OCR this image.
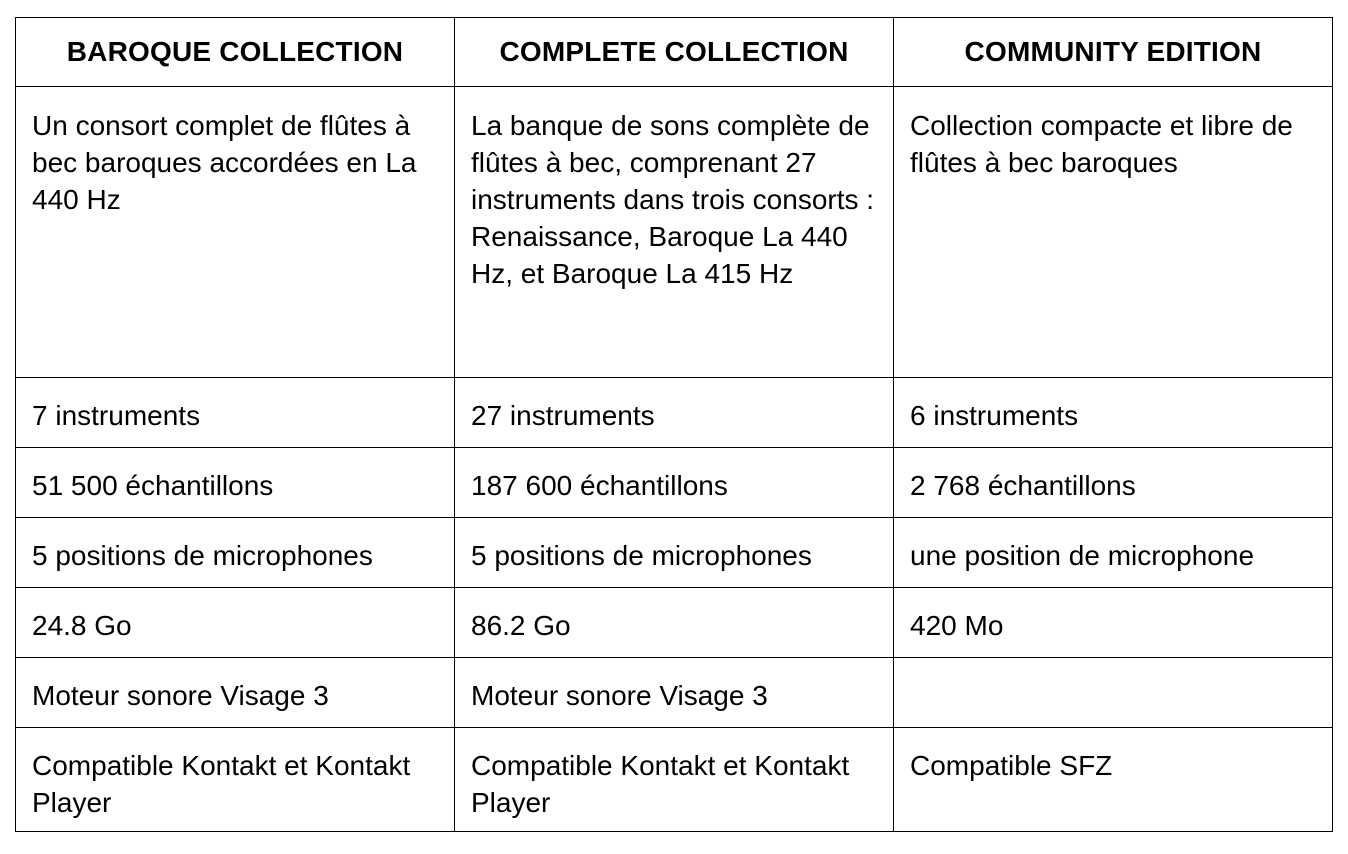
BAROQUE COLLECTION	COMPLETE COLLECTION	COMMUNITY EDITION
Un consort complet de flûtes à bec baroques accordées en La 440 Hz	La banque de sons complète de flûtes à bec, comprenant 27 instruments dans trois consorts : Renaissance, Baroque La 440 Hz, et Baroque La 415 Hz	Collection compacte et libre de flûtes à bec baroques
7 instruments	27 instruments	6 instruments
51 500 échantillons	187 600 échantillons	2 768 échantillons
5 positions de microphones	5 positions de microphones	une position de microphone
24.8 Go	86.2 Go	420 Mo
Moteur sonore Visage 3	Moteur sonore Visage 3	
Compatible Kontakt et Kontakt Player	Compatible Kontakt et Kontakt Player	Compatible SFZ
